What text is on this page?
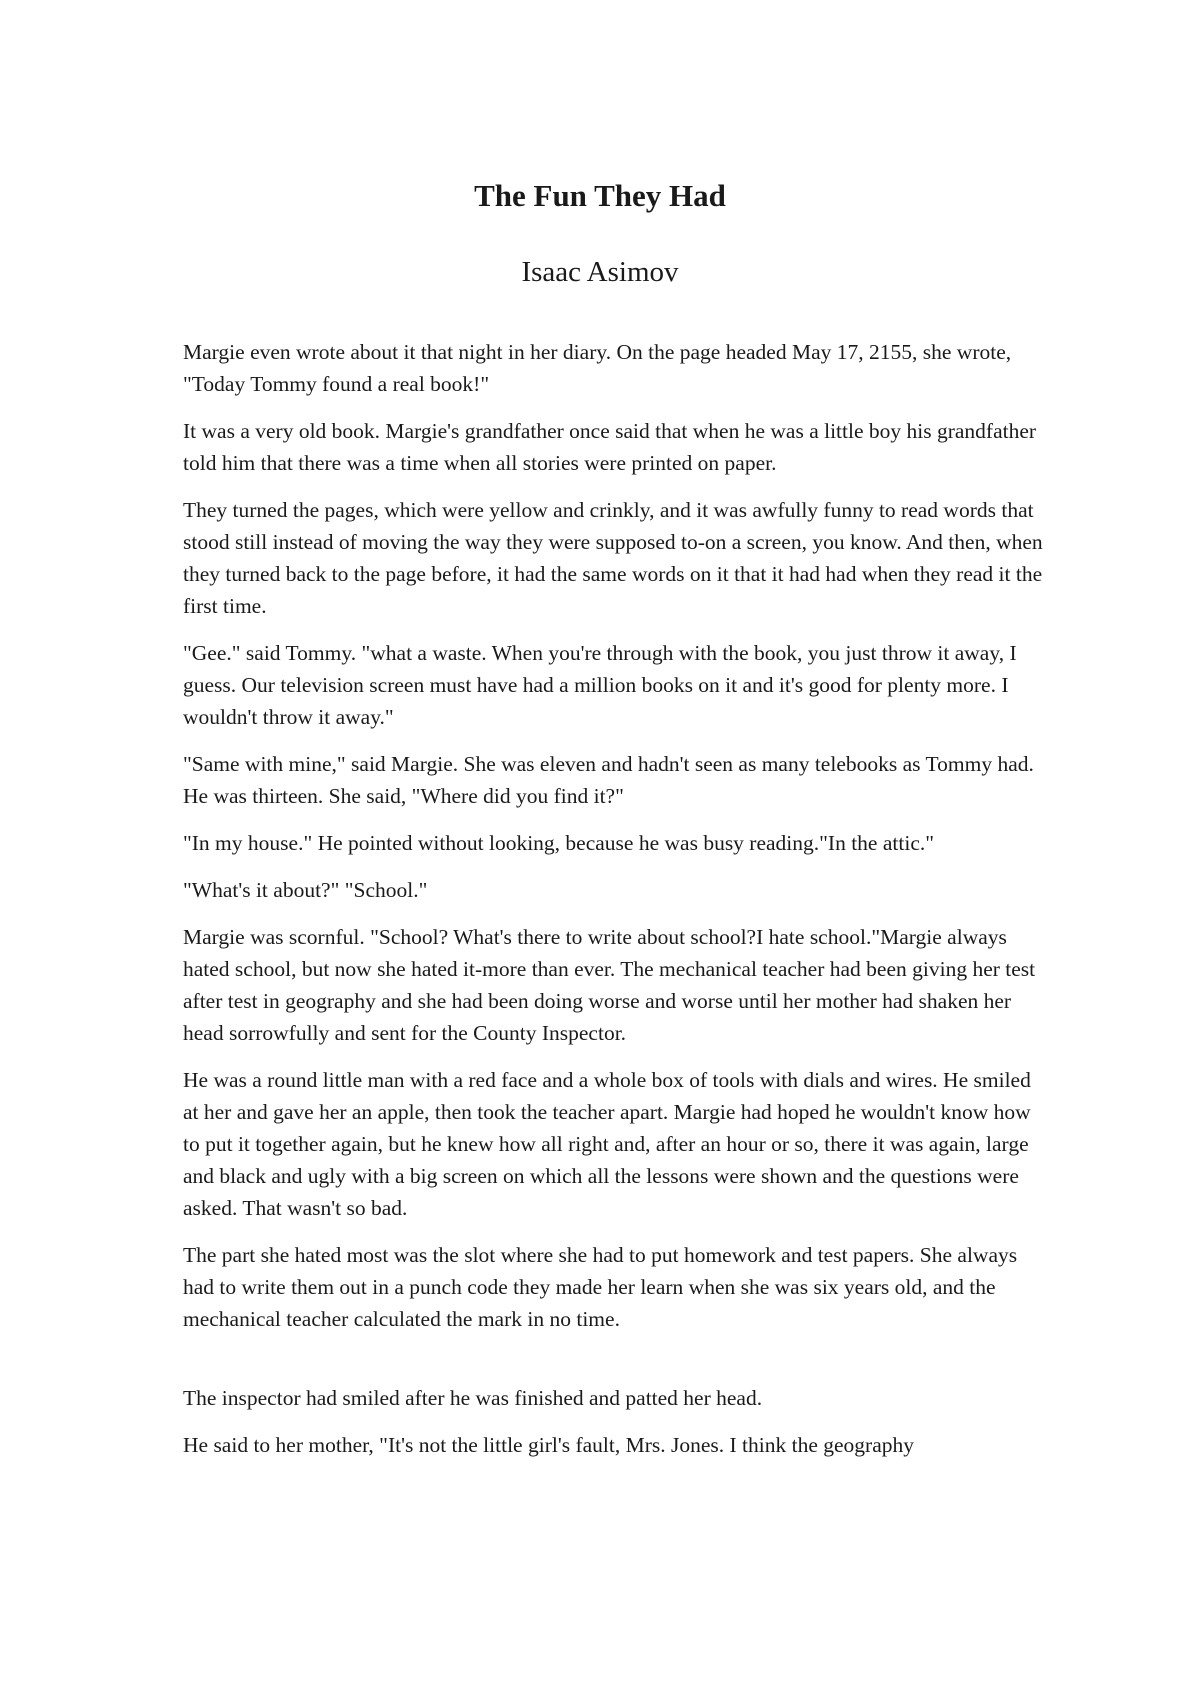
The Fun They Had
Isaac Asimov

Margie even wrote about it that night in her diary. On the page headed May 17, 2155, she wrote, "Today Tommy found a real book!"

It was a very old book. Margie's grandfather once said that when he was a little boy his grandfather told him that there was a time when all stories were printed on paper.

They turned the pages, which were yellow and crinkly, and it was awfully funny to read words that stood still instead of moving the way they were supposed to-on a screen, you know. And then, when they turned back to the page before, it had the same words on it that it had had when they read it the first time.

"Gee." said Tommy. "what a waste. When you're through with the book, you just throw it away, I guess. Our television screen must have had a million books on it and it's good for plenty more. I wouldn't throw it away."

"Same with mine," said Margie. She was eleven and hadn't seen as many telebooks as Tommy had. He was thirteen. She said, "Where did you find it?"

"In my house." He pointed without looking, because he was busy reading."In the attic."

"What's it about?" "School."

Margie was scornful. "School? What's there to write about school?I hate school."Margie always hated school, but now she hated it-more than ever. The mechanical teacher had been giving her test after test in geography and she had been doing worse and worse until her mother had shaken her head sorrowfully and sent for the County Inspector.

He was a round little man with a red face and a whole box of tools with dials and wires. He smiled at her and gave her an apple, then took the teacher apart. Margie had hoped he wouldn't know how to put it together again, but he knew how all right and, after an hour or so, there it was again, large and black and ugly with a big screen on which all the lessons were shown and the questions were asked. That wasn't so bad.

The part she hated most was the slot where she had to put homework and test papers. She always had to write them out in a punch code they made her learn when she was six years old, and the mechanical teacher calculated the mark in no time.

The inspector had smiled after he was finished and patted her head.

He said to her mother, "It's not the little girl's fault, Mrs. Jones. I think the geography
